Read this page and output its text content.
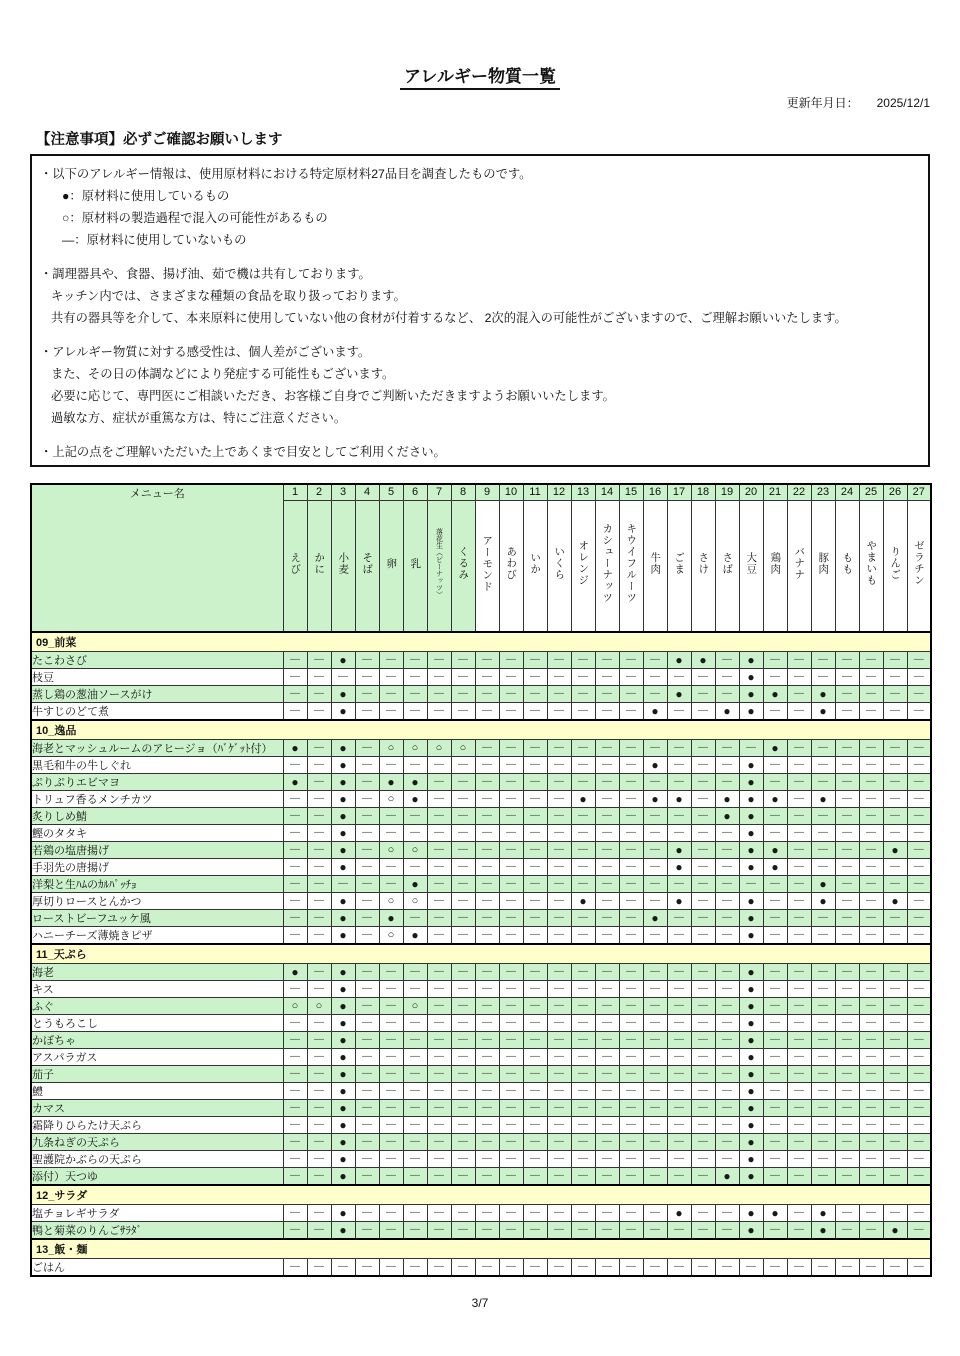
アレルギー物質一覧
更新年月日： 2025/12/1
【注意事項】必ずご確認お願いします
・以下のアレルギー情報は、使用原材料における特定原材料27品目を調査したものです。
●：原材料に使用しているもの
○：原材料の製造過程で混入の可能性があるもの
―：原材料に使用していないもの
・調理器具や、食器、揚げ油、茹で機は共有しております。
キッチン内では、さまざまな種類の食品を取り扱っております。
共有の器具等を介して、本来原料に使用していない他の食材が付着するなど、 2次的混入の可能性がございますので、ご理解お願いいたします。
・アレルギー物質に対する感受性は、個人差がございます。
また、その日の体調などにより発症する可能性もございます。
必要に応じて、専門医にご相談いただき、お客様ご自身でご判断いただきますようお願いいたします。
過敏な方、症状が重篤な方は、特にご注意ください。
・上記の点をご理解いただいた上であくまで目安としてご利用ください。
メニュー名	1	2	3	4	5	6	7	8	9	10	11	12	13	14	15	16	17	18	19	20	21	22	23	24	25	26	27
	えび	かに	小麦	そば	卵	乳	落花生（ピーナッツ）	くるみ	アーモンド	あわび	いか	いくら	オレンジ	カシューナッツ	キウイフルーツ	牛肉	ごま	さけ	さば	大豆	鶏肉	バナナ	豚肉	もも	やまいも	りんご	ゼラチン
09_前菜																											
たこわさび	—	—	●	—	—	—	—	—	—	—	—	—	—	—	—	—	●	●	—	●	—	—	—	—	—	—	—
枝豆	—	—	—	—	—	—	—	—	—	—	—	—	—	—	—	—	—	—	—	●	—	—	—	—	—	—	—
蒸し鶏の葱油ソースがけ	—	—	●	—	—	—	—	—	—	—	—	—	—	—	—	—	●	—	—	●	●	—	●	—	—	—	—
牛すじのどて煮	—	—	●	—	—	—	—	—	—	—	—	—	—	—	—	●	—	—	●	●	—	—	●	—	—	—	—
10_逸品																											
海老とマッシュルームのアヒージョ（ﾊﾞｹﾞｯﾄ付）	●	—	●	—	○	○	○	○	—	—	—	—	—	—	—	—	—	—	—	—	●	—	—	—	—	—	—
黒毛和牛の牛しぐれ	—	—	●	—	—	—	—	—	—	—	—	—	—	—	—	●	—	—	—	●	—	—	—	—	—	—	—
ぷりぷりエビマヨ	●	—	●	—	●	●	—	—	—	—	—	—	—	—	—	—	—	—	—	●	—	—	—	—	—	—	—
トリュフ香るメンチカツ	—	—	●	—	○	●	—	—	—	—	—	—	●	—	—	●	●	—	●	●	●	—	●	—	—	—	—
炙りしめ鯖	—	—	●	—	—	—	—	—	—	—	—	—	—	—	—	—	—	—	●	●	—	—	—	—	—	—	—
鰹のタタキ	—	—	●	—	—	—	—	—	—	—	—	—	—	—	—	—	—	—	—	●	—	—	—	—	—	—	—
若鶏の塩唐揚げ	—	—	●	—	○	○	—	—	—	—	—	—	—	—	—	—	●	—	—	●	●	—	—	—	—	●	—
手羽先の唐揚げ	—	—	●	—	—	—	—	—	—	—	—	—	—	—	—	—	●	—	—	●	●	—	—	—	—	—	—
洋梨と生ﾊﾑのｶﾙﾊﾟｯﾁｮ	—	—	—	—	—	●	—	—	—	—	—	—	—	—	—	—	—	—	—	—	—	—	●	—	—	—	—
厚切りロースとんかつ	—	—	●	—	○	○	—	—	—	—	—	—	●	—	—	—	●	—	—	●	—	—	●	—	—	●	—
ローストビーフユッケ風	—	—	●	—	●	—	—	—	—	—	—	—	—	—	—	●	—	—	—	●	—	—	—	—	—	—	—
ハニーチーズ薄焼きピザ	—	—	●	—	○	●	—	—	—	—	—	—	—	—	—	—	—	—	—	●	—	—	—	—	—	—	—
11_天ぷら																											
海老	●	—	●	—	—	—	—	—	—	—	—	—	—	—	—	—	—	—	—	●	—	—	—	—	—	—	—
キス	—	—	●	—	—	—	—	—	—	—	—	—	—	—	—	—	—	—	—	●	—	—	—	—	—	—	—
ふぐ	○	○	●	—	—	○	—	—	—	—	—	—	—	—	—	—	—	—	—	●	—	—	—	—	—	—	—
とうもろこし	—	—	●	—	—	—	—	—	—	—	—	—	—	—	—	—	—	—	—	●	—	—	—	—	—	—	—
かぼちゃ	—	—	●	—	—	—	—	—	—	—	—	—	—	—	—	—	—	—	—	●	—	—	—	—	—	—	—
アスパラガス	—	—	●	—	—	—	—	—	—	—	—	—	—	—	—	—	—	—	—	●	—	—	—	—	—	—	—
茄子	—	—	●	—	—	—	—	—	—	—	—	—	—	—	—	—	—	—	—	●	—	—	—	—	—	—	—
鱧	—	—	●	—	—	—	—	—	—	—	—	—	—	—	—	—	—	—	—	●	—	—	—	—	—	—	—
カマス	—	—	●	—	—	—	—	—	—	—	—	—	—	—	—	—	—	—	—	●	—	—	—	—	—	—	—
霜降りひらたけ天ぷら	—	—	●	—	—	—	—	—	—	—	—	—	—	—	—	—	—	—	—	●	—	—	—	—	—	—	—
九条ねぎの天ぷら	—	—	●	—	—	—	—	—	—	—	—	—	—	—	—	—	—	—	—	●	—	—	—	—	—	—	—
聖護院かぶらの天ぷら	—	—	●	—	—	—	—	—	—	—	—	—	—	—	—	—	—	—	—	●	—	—	—	—	—	—	—
添付）天つゆ	—	—	●	—	—	—	—	—	—	—	—	—	—	—	—	—	—	—	●	●	—	—	—	—	—	—	—
12_サラダ																											
塩チョレギサラダ	—	—	●	—	—	—	—	—	—	—	—	—	—	—	—	—	●	—	—	●	●	—	●	—	—	—	—
鴨と菊菜のりんごｻﾗﾀﾞ	—	—	●	—	—	—	—	—	—	—	—	—	—	—	—	—	—	—	—	●	—	—	●	—	—	●	—
13_飯・麺																											
ごはん	—	—	—	—	—	—	—	—	—	—	—	—	—	—	—	—	—	—	—	—	—	—	—	—	—	—	—
3/7
